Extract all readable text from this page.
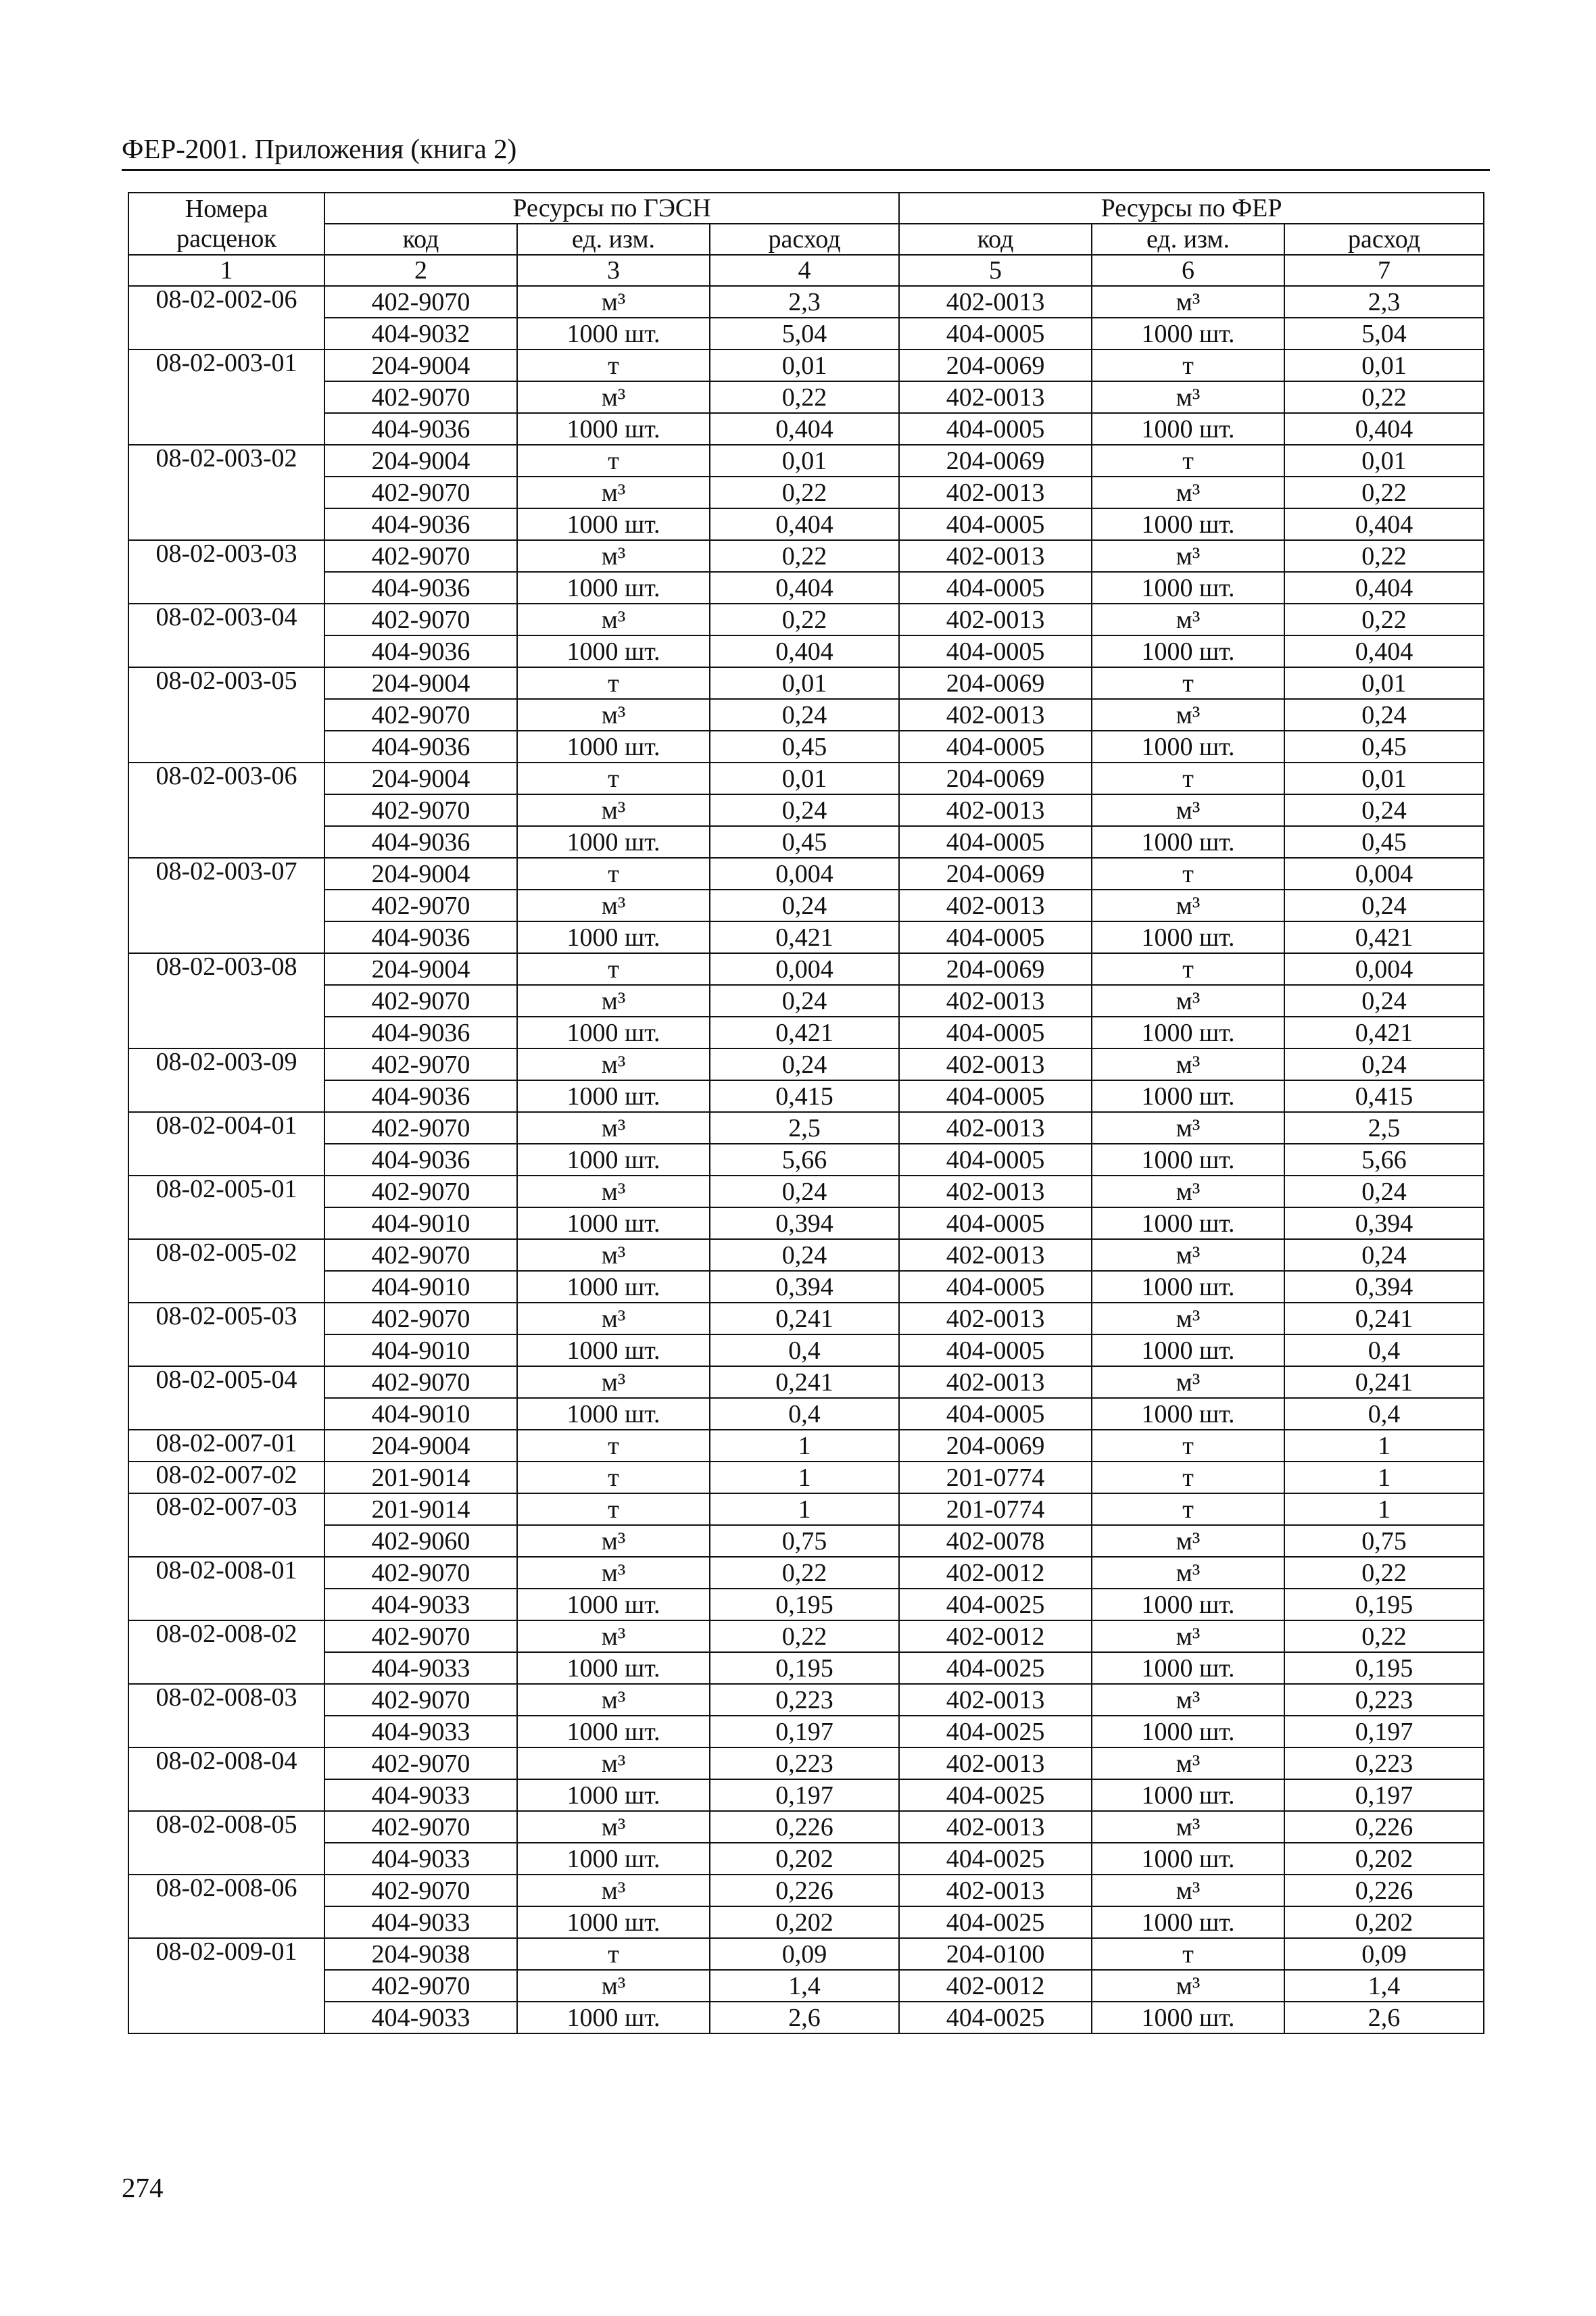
ФЕР-2001. Приложения (книга 2)
Номера расценок	Ресурсы по ГЭСН			Ресурсы по ФЕР		
	код	ед. изм.	расход	код	ед. изм.	расход
1	2	3	4	5	6	7
08-02-002-06	402-9070	м³	2,3	402-0013	м³	2,3
	404-9032	1000 шт.	5,04	404-0005	1000 шт.	5,04
08-02-003-01	204-9004	т	0,01	204-0069	т	0,01
	402-9070	м³	0,22	402-0013	м³	0,22
	404-9036	1000 шт.	0,404	404-0005	1000 шт.	0,404
08-02-003-02	204-9004	т	0,01	204-0069	т	0,01
	402-9070	м³	0,22	402-0013	м³	0,22
	404-9036	1000 шт.	0,404	404-0005	1000 шт.	0,404
08-02-003-03	402-9070	м³	0,22	402-0013	м³	0,22
	404-9036	1000 шт.	0,404	404-0005	1000 шт.	0,404
08-02-003-04	402-9070	м³	0,22	402-0013	м³	0,22
	404-9036	1000 шт.	0,404	404-0005	1000 шт.	0,404
08-02-003-05	204-9004	т	0,01	204-0069	т	0,01
	402-9070	м³	0,24	402-0013	м³	0,24
	404-9036	1000 шт.	0,45	404-0005	1000 шт.	0,45
08-02-003-06	204-9004	т	0,01	204-0069	т	0,01
	402-9070	м³	0,24	402-0013	м³	0,24
	404-9036	1000 шт.	0,45	404-0005	1000 шт.	0,45
08-02-003-07	204-9004	т	0,004	204-0069	т	0,004
	402-9070	м³	0,24	402-0013	м³	0,24
	404-9036	1000 шт.	0,421	404-0005	1000 шт.	0,421
08-02-003-08	204-9004	т	0,004	204-0069	т	0,004
	402-9070	м³	0,24	402-0013	м³	0,24
	404-9036	1000 шт.	0,421	404-0005	1000 шт.	0,421
08-02-003-09	402-9070	м³	0,24	402-0013	м³	0,24
	404-9036	1000 шт.	0,415	404-0005	1000 шт.	0,415
08-02-004-01	402-9070	м³	2,5	402-0013	м³	2,5
	404-9036	1000 шт.	5,66	404-0005	1000 шт.	5,66
08-02-005-01	402-9070	м³	0,24	402-0013	м³	0,24
	404-9010	1000 шт.	0,394	404-0005	1000 шт.	0,394
08-02-005-02	402-9070	м³	0,24	402-0013	м³	0,24
	404-9010	1000 шт.	0,394	404-0005	1000 шт.	0,394
08-02-005-03	402-9070	м³	0,241	402-0013	м³	0,241
	404-9010	1000 шт.	0,4	404-0005	1000 шт.	0,4
08-02-005-04	402-9070	м³	0,241	402-0013	м³	0,241
	404-9010	1000 шт.	0,4	404-0005	1000 шт.	0,4
08-02-007-01	204-9004	т	1	204-0069	т	1
08-02-007-02	201-9014	т	1	201-0774	т	1
08-02-007-03	201-9014	т	1	201-0774	т	1
	402-9060	м³	0,75	402-0078	м³	0,75
08-02-008-01	402-9070	м³	0,22	402-0012	м³	0,22
	404-9033	1000 шт.	0,195	404-0025	1000 шт.	0,195
08-02-008-02	402-9070	м³	0,22	402-0012	м³	0,22
	404-9033	1000 шт.	0,195	404-0025	1000 шт.	0,195
08-02-008-03	402-9070	м³	0,223	402-0013	м³	0,223
	404-9033	1000 шт.	0,197	404-0025	1000 шт.	0,197
08-02-008-04	402-9070	м³	0,223	402-0013	м³	0,223
	404-9033	1000 шт.	0,197	404-0025	1000 шт.	0,197
08-02-008-05	402-9070	м³	0,226	402-0013	м³	0,226
	404-9033	1000 шт.	0,202	404-0025	1000 шт.	0,202
08-02-008-06	402-9070	м³	0,226	402-0013	м³	0,226
	404-9033	1000 шт.	0,202	404-0025	1000 шт.	0,202
08-02-009-01	204-9038	т	0,09	204-0100	т	0,09
	402-9070	м³	1,4	402-0012	м³	1,4
	404-9033	1000 шт.	2,6	404-0025	1000 шт.	2,6
274
